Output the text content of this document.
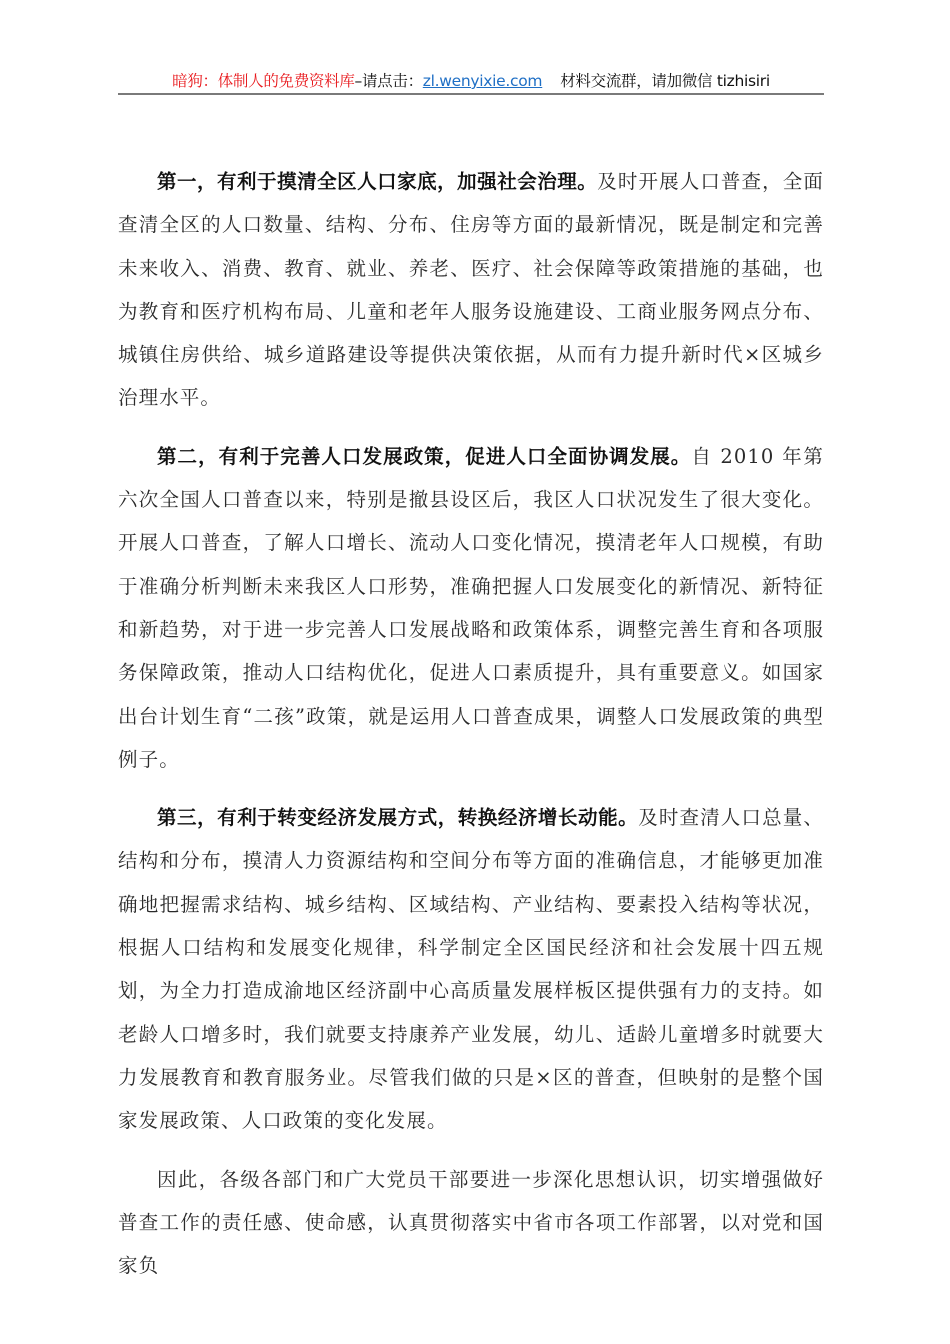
暗狗：体制人的免费资料库–请点击：zl.wenyixie.com 材料交流群，请加微信 tizhisiri

第一，有利于摸清全区人口家底，加强社会治理。及时开展人口普查，全面查清全区的人口数量、结构、分布、住房等方面的最新情况，既是制定和完善未来收入、消费、教育、就业、养老、医疗、社会保障等政策措施的基础，也为教育和医疗机构布局、儿童和老年人服务设施建设、工商业服务网点分布、城镇住房供给、城乡道路建设等提供决策依据，从而有力提升新时代×区城乡治理水平。

第二，有利于完善人口发展政策，促进人口全面协调发展。自 2010 年第六次全国人口普查以来，特别是撤县设区后，我区人口状况发生了很大变化。开展人口普查，了解人口增长、流动人口变化情况，摸清老年人口规模，有助于准确分析判断未来我区人口形势，准确把握人口发展变化的新情况、新特征和新趋势，对于进一步完善人口发展战略和政策体系，调整完善生育和各项服务保障政策，推动人口结构优化，促进人口素质提升，具有重要意义。如国家出台计划生育“二孩”政策，就是运用人口普查成果，调整人口发展政策的典型例子。

第三，有利于转变经济发展方式，转换经济增长动能。及时查清人口总量、结构和分布，摸清人力资源结构和空间分布等方面的准确信息，才能够更加准确地把握需求结构、城乡结构、区域结构、产业结构、要素投入结构等状况，根据人口结构和发展变化规律，科学制定全区国民经济和社会发展十四五规划，为全力打造成渝地区经济副中心高质量发展样板区提供强有力的支持。如老龄人口增多时，我们就要支持康养产业发展，幼儿、适龄儿童增多时就要大力发展教育和教育服务业。尽管我们做的只是×区的普查，但映射的是整个国家发展政策、人口政策的变化发展。

因此，各级各部门和广大党员干部要进一步深化思想认识，切实增强做好普查工作的责任感、使命感，认真贯彻落实中省市各项工作部署，以对党和国家负
